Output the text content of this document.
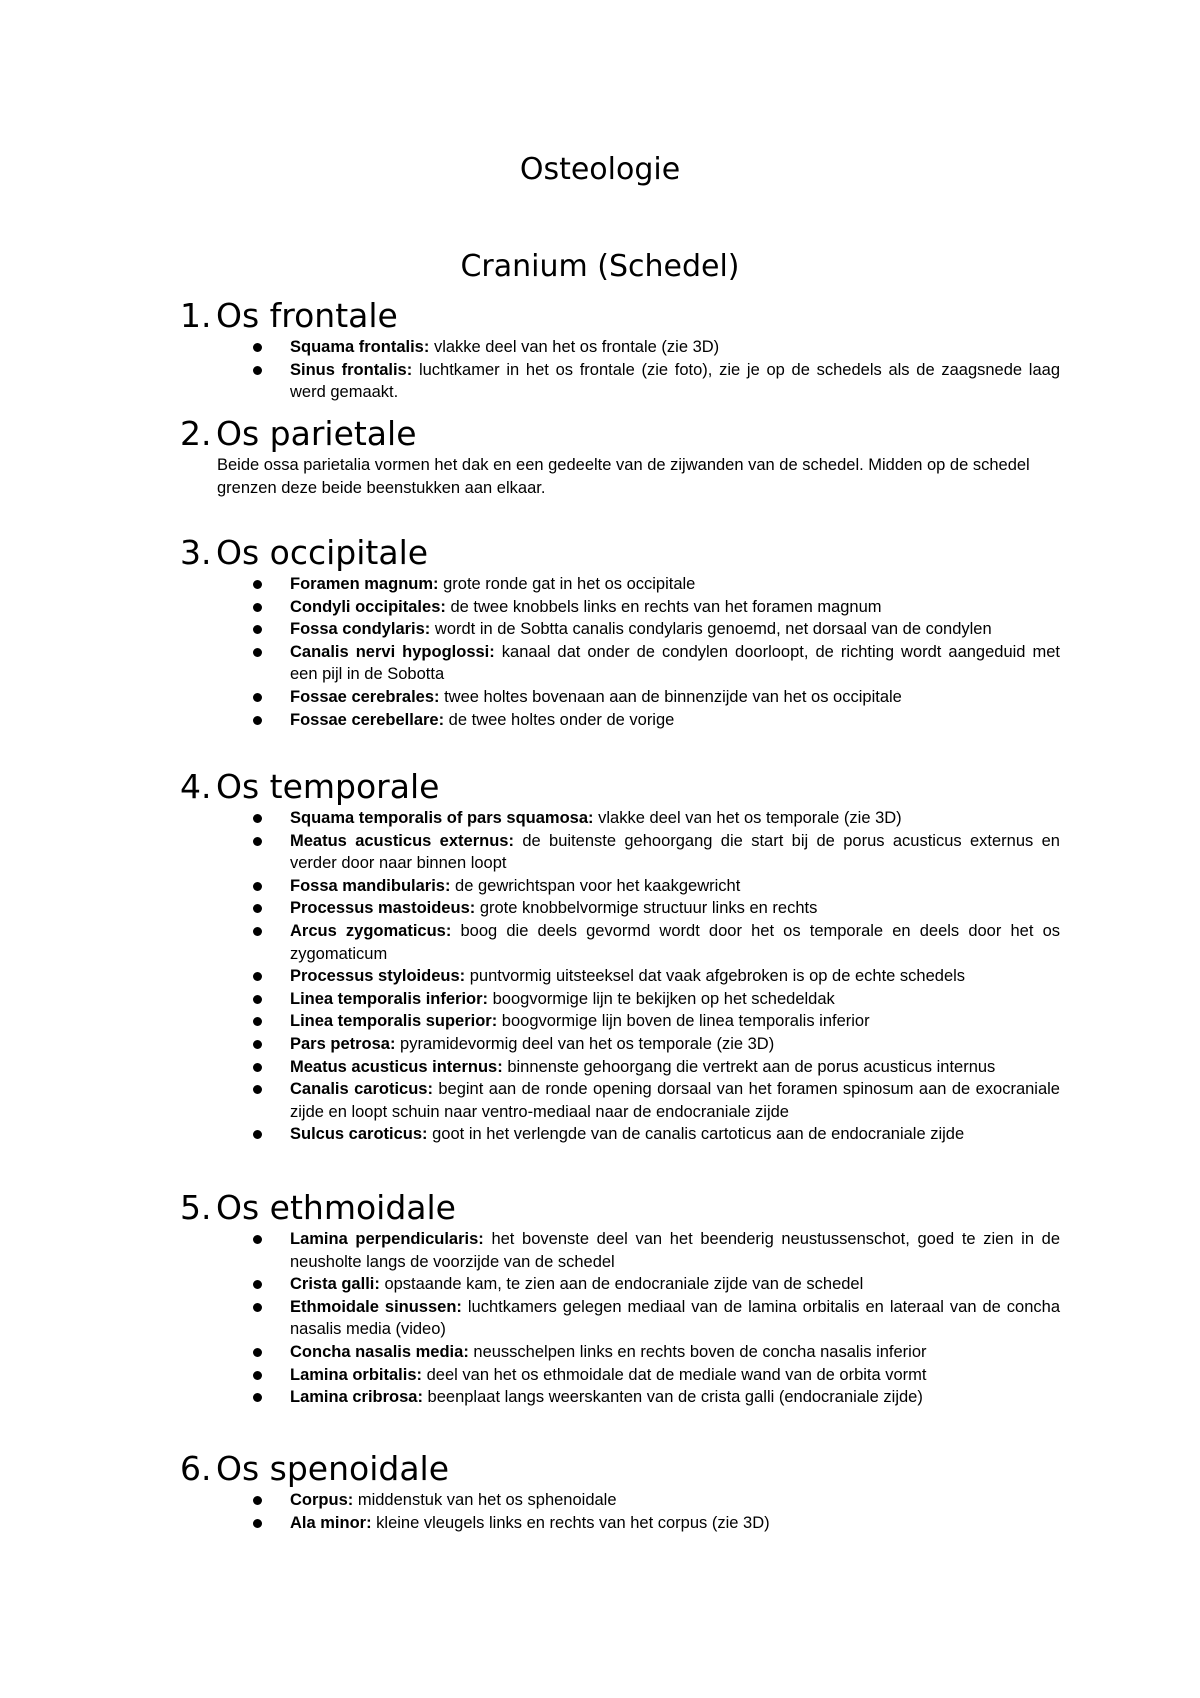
Osteologie
Cranium (Schedel)
1. Os frontale
Squama frontalis: vlakke deel van het os frontale (zie 3D)
Sinus frontalis: luchtkamer in het os frontale (zie foto), zie je op de schedels als de zaagsnede laag werd gemaakt.
2. Os parietale

Beide ossa parietalia vormen het dak en een gedeelte van de zijwanden van de schedel. Midden op de schedel grenzen deze beide beenstukken aan elkaar.

3. Os occipitale
Foramen magnum: grote ronde gat in het os occipitale
Condyli occipitales: de twee knobbels links en rechts van het foramen magnum
Fossa condylaris: wordt in de Sobtta canalis condylaris genoemd, net dorsaal van de condylen
Canalis nervi hypoglossi: kanaal dat onder de condylen doorloopt, de richting wordt aangeduid met een pijl in de Sobotta
Fossae cerebrales: twee holtes bovenaan aan de binnenzijde van het os occipitale
Fossae cerebellare: de twee holtes onder de vorige
4. Os temporale
Squama temporalis of pars squamosa: vlakke deel van het os temporale (zie 3D)
Meatus acusticus externus: de buitenste gehoorgang die start bij de porus acusticus externus en verder door naar binnen loopt
Fossa mandibularis: de gewrichtspan voor het kaakgewricht
Processus mastoideus: grote knobbelvormige structuur links en rechts
Arcus zygomaticus: boog die deels gevormd wordt door het os temporale en deels door het os zygomaticum
Processus styloideus: puntvormig uitsteeksel dat vaak afgebroken is op de echte schedels
Linea temporalis inferior: boogvormige lijn te bekijken op het schedeldak
Linea temporalis superior: boogvormige lijn boven de linea temporalis inferior
Pars petrosa: pyramidevormig deel van het os temporale (zie 3D)
Meatus acusticus internus: binnenste gehoorgang die vertrekt aan de porus acusticus internus
Canalis caroticus: begint aan de ronde opening dorsaal van het foramen spinosum aan de exocraniale zijde en loopt schuin naar ventro-mediaal naar de endocraniale zijde
Sulcus caroticus: goot in het verlengde van de canalis cartoticus aan de endocraniale zijde
5. Os ethmoidale
Lamina perpendicularis: het bovenste deel van het beenderig neustussenschot, goed te zien in de neusholte langs de voorzijde van de schedel
Crista galli: opstaande kam, te zien aan de endocraniale zijde van de schedel
Ethmoidale sinussen: luchtkamers gelegen mediaal van de lamina orbitalis en lateraal van de concha nasalis media (video)
Concha nasalis media: neusschelpen links en rechts boven de concha nasalis inferior
Lamina orbitalis: deel van het os ethmoidale dat de mediale wand van de orbita vormt
Lamina cribrosa: beenplaat langs weerskanten van de crista galli (endocraniale zijde)
6. Os spenoidale
Corpus: middenstuk van het os sphenoidale
Ala minor: kleine vleugels links en rechts van het corpus (zie 3D)
